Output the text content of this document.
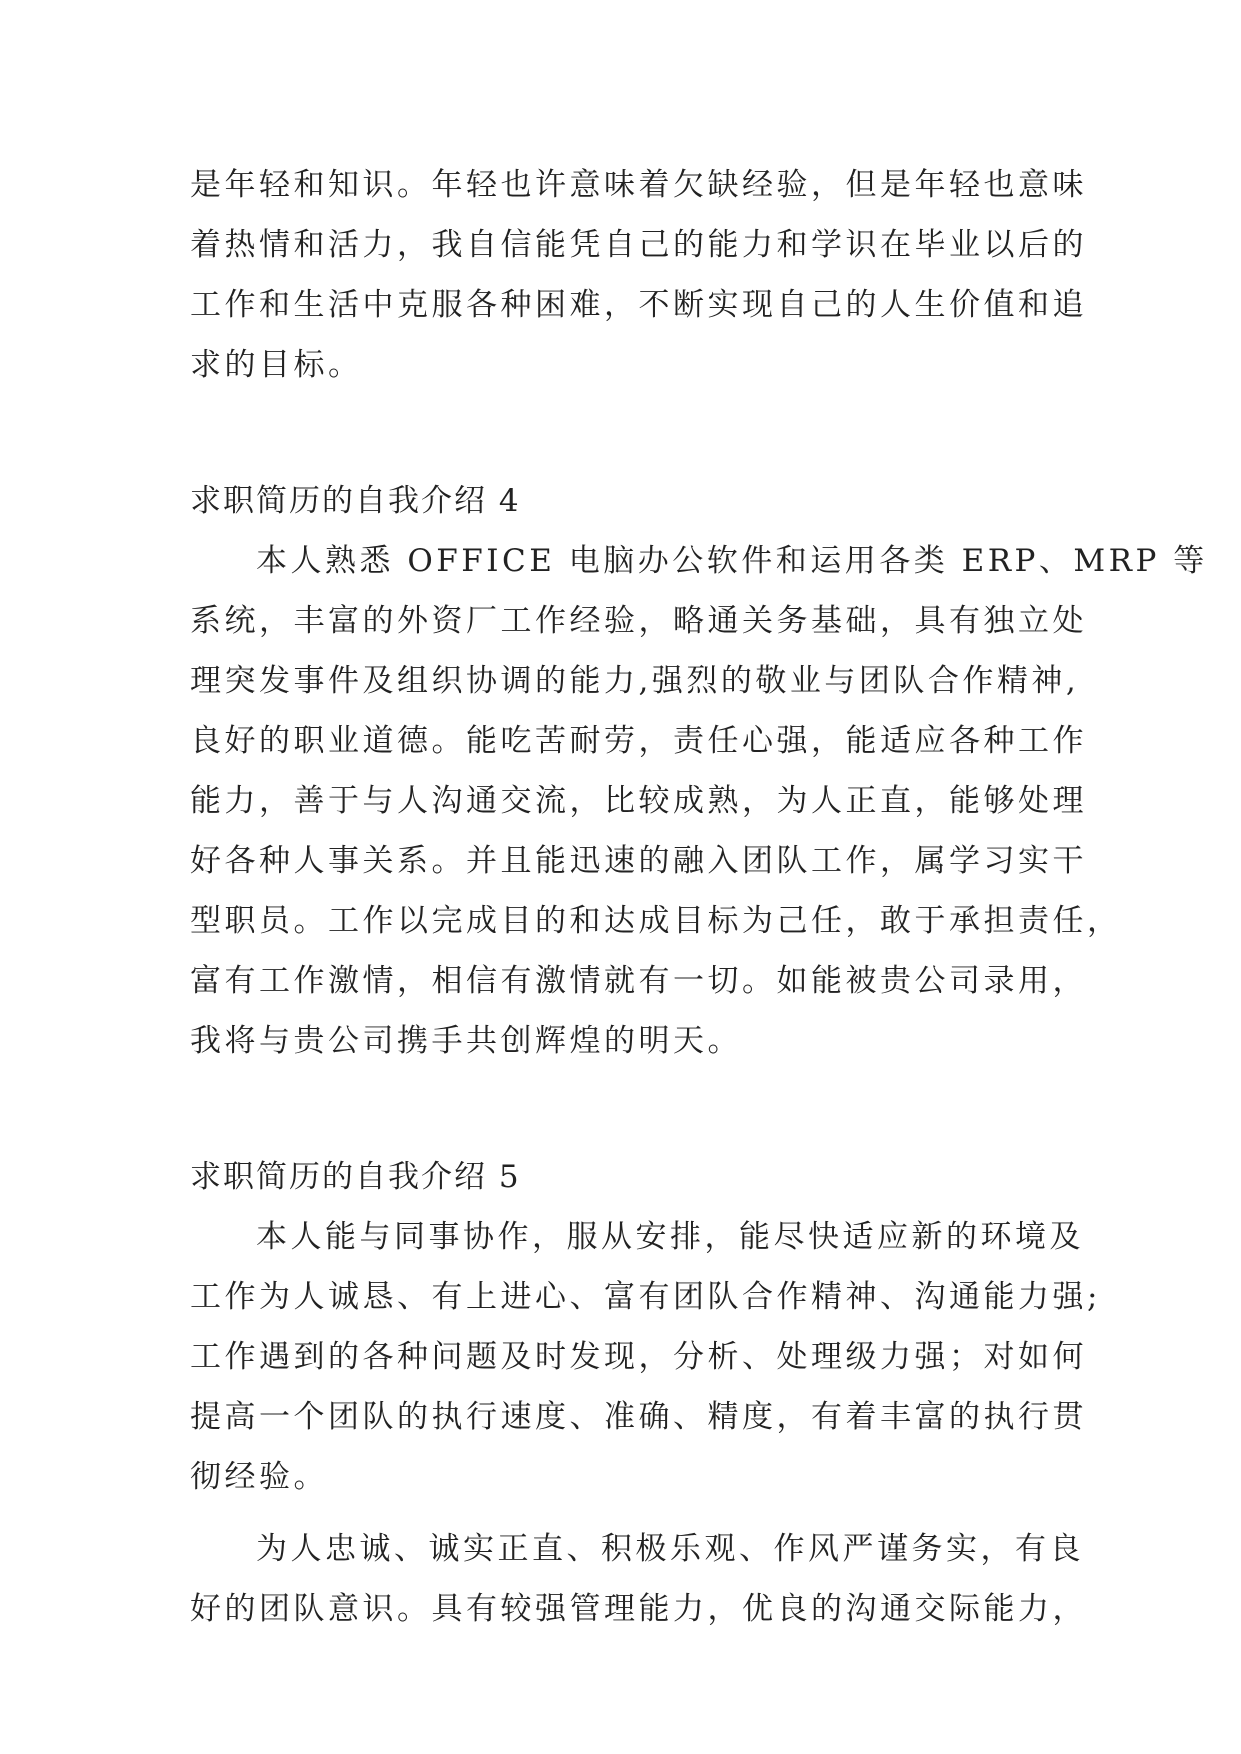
是年轻和知识。年轻也许意味着欠缺经验，但是年轻也意味
着热情和活力，我自信能凭自己的能力和学识在毕业以后的
工作和生活中克服各种困难，不断实现自己的人生价值和追
求的目标。
求职简历的自我介绍 4
本人熟悉 OFFICE 电脑办公软件和运用各类 ERP、MRP 等
系统，丰富的外资厂工作经验，略通关务基础，具有独立处
理突发事件及组织协调的能力,强烈的敬业与团队合作精神,
良好的职业道德。能吃苦耐劳，责任心强，能适应各种工作
能力，善于与人沟通交流，比较成熟，为人正直，能够处理
好各种人事关系。并且能迅速的融入团队工作，属学习实干
型职员。工作以完成目的和达成目标为己任，敢于承担责任，
富有工作激情，相信有激情就有一切。如能被贵公司录用，
我将与贵公司携手共创辉煌的明天。
求职简历的自我介绍 5
本人能与同事协作，服从安排，能尽快适应新的环境及
工作为人诚恳、有上进心、富有团队合作精神、沟通能力强;
工作遇到的各种问题及时发现，分析、处理级力强；对如何
提高一个团队的执行速度、准确、精度，有着丰富的执行贯
彻经验。
为人忠诚、诚实正直、积极乐观、作风严谨务实，有良
好的团队意识。具有较强管理能力，优良的沟通交际能力，
